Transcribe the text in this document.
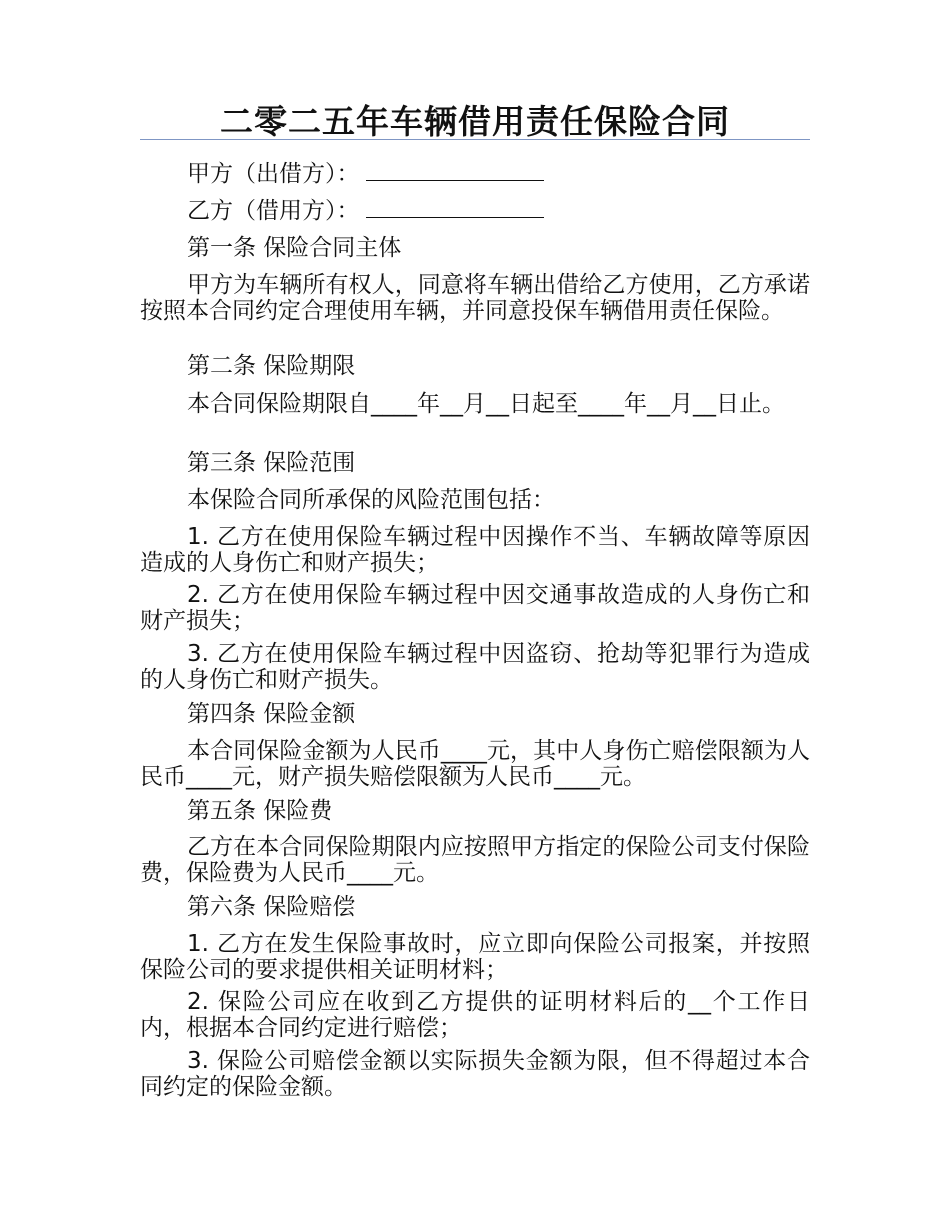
二零二五年车辆借用责任保险合同
甲方（出借方）：
乙方（借用方）：
第一条 保险合同主体
甲方为车辆所有权人，同意将车辆出借给乙方使用，乙方承诺按照本合同约定合理使用车辆，并同意投保车辆借用责任保险。
第二条 保险期限
本合同保险期限自____年__月__日起至____年__月__日止。
第三条 保险范围
本保险合同所承保的风险范围包括：
1. 乙方在使用保险车辆过程中因操作不当、车辆故障等原因造成的人身伤亡和财产损失；
2. 乙方在使用保险车辆过程中因交通事故造成的人身伤亡和财产损失；
3. 乙方在使用保险车辆过程中因盗窃、抢劫等犯罪行为造成的人身伤亡和财产损失。
第四条 保险金额
本合同保险金额为人民币____元，其中人身伤亡赔偿限额为人民币____元，财产损失赔偿限额为人民币____元。
第五条 保险费
乙方在本合同保险期限内应按照甲方指定的保险公司支付保险费，保险费为人民币____元。
第六条 保险赔偿
1. 乙方在发生保险事故时，应立即向保险公司报案，并按照保险公司的要求提供相关证明材料；
2. 保险公司应在收到乙方提供的证明材料后的__个工作日内，根据本合同约定进行赔偿；
3. 保险公司赔偿金额以实际损失金额为限，但不得超过本合同约定的保险金额。
